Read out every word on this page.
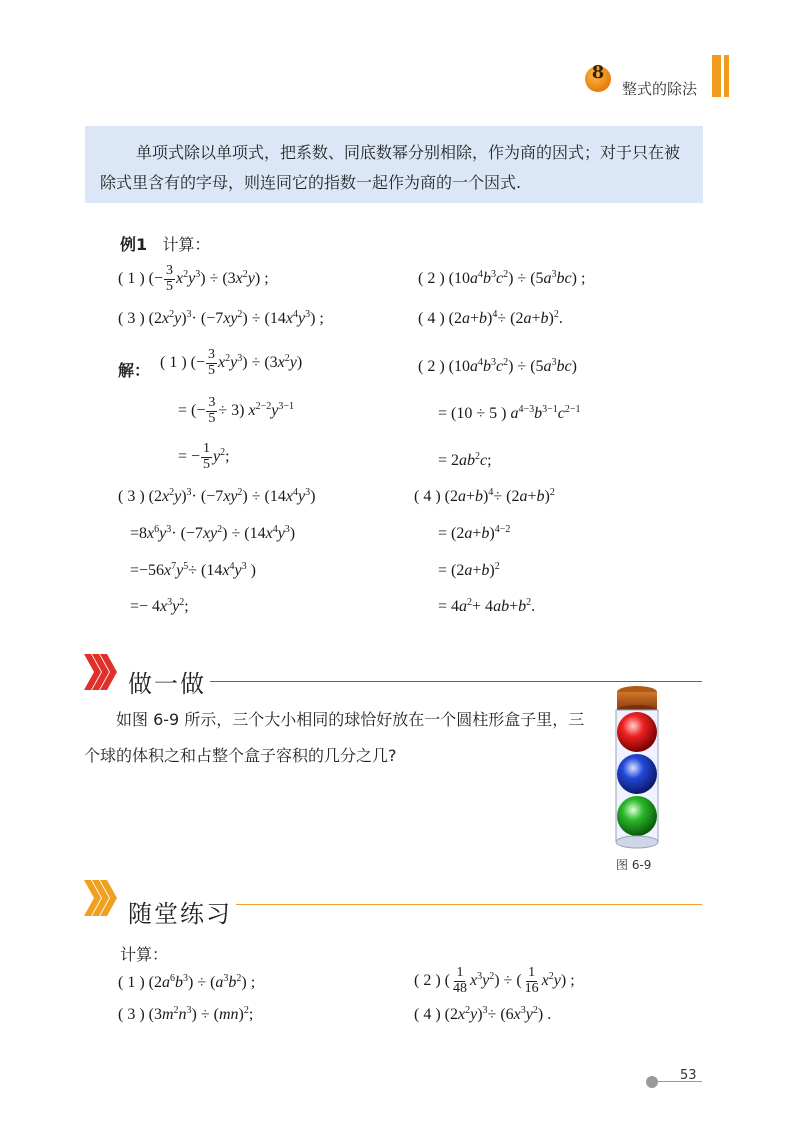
8
整式的除法
单项式除以单项式，把系数、同底数幂分别相除，作为商的因式；对于只在被除式里含有的字母，则连同它的指数一起作为商的一个因式.
例1 计算：
( 1 ) (− $\frac{3}{5} x^2y^3) \div (3x^2y)$ ;	( 2 ) $(10a^4b^3c^2) \div (5a^3bc)$ ;
( 3 ) $(2x^2y)^3\cdot (-7xy^2) \div (14x^4y^3)$ ;	( 4 ) $(2a+b)^4\div (2a+b)^2$.
解： ( 1 ) (− $\frac{3}{5} x^2y^3) \div (3x^2y)$
= (− $\frac{3}{5} \div 3$) $x^{2-2}y^{3-1}$
= − $\frac{1}{5} y^2$;
( 2 ) $(10a^4b^3c^2) \div (5a^3bc)$
= (10 ÷ 5 ) $a^{4-3}b^{3-1}c^{2-1}$
= $2ab^2c$;
( 3 ) $(2x^2y)^3\cdot (-7xy^2) \div (14x^4y^3)$
$=8x^6y^3\cdot (-7xy^2) \div (14x^4y^3)$
$=-56x^7y^5\div (14x^4y^3$ )
=− $4x^3y^2$;
( 4 ) $(2a+b)^4\div (2a+b)^2$
= $(2a+b)^{4-2}$
= $(2a+b)^2$
= $4a^2+ 4ab+b^2$.
做一做
如图 6-9 所示，三个大小相同的球恰好放在一个圆柱形盒子里，三个球的体积之和占整个盒子容积的几分之几?
图 6-9
随堂练习
计算：
( 1 ) $(2a^6b^3) \div (a^3b^2)$ ;	( 2 ) ( $\frac{1}{48} x^3y^2$) ÷ ( $\frac{1}{16} x^2y$) ;
( 3 ) $(3m^2n^3) \div (mn)^2$;	( 4 ) $(2x^2y)^3\div (6x^3y^2)$ .
53
